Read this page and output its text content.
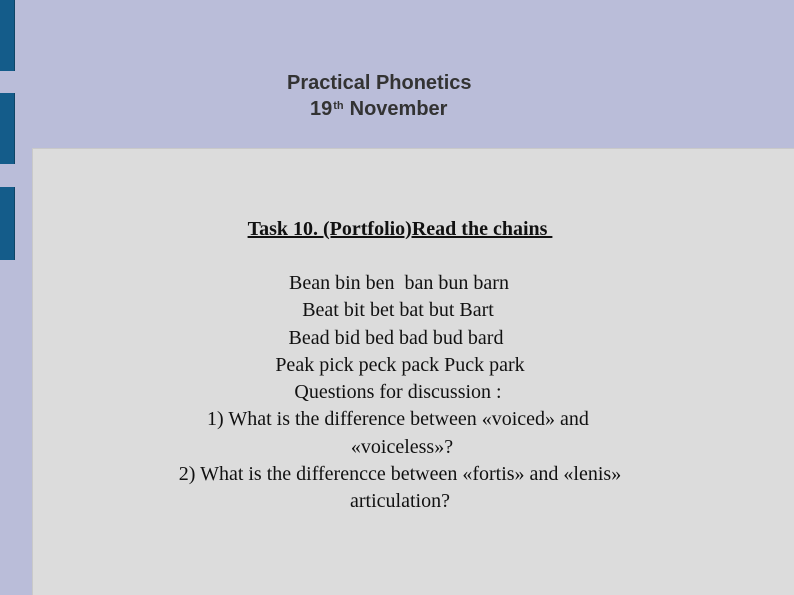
Practical Phonetics
19th November
Task 10. (Portfolio)Read the chains
Bean bin ben  ban bun barn
Beat bit bet bat but Bart
Bead bid bed bad bud bard
Peak pick peck pack Puck park
Questions for discussion :
1) What is the difference between «voiced» and
«voiceless»?
2) What is the differencce between «fortis» and «lenis»
articulation?
